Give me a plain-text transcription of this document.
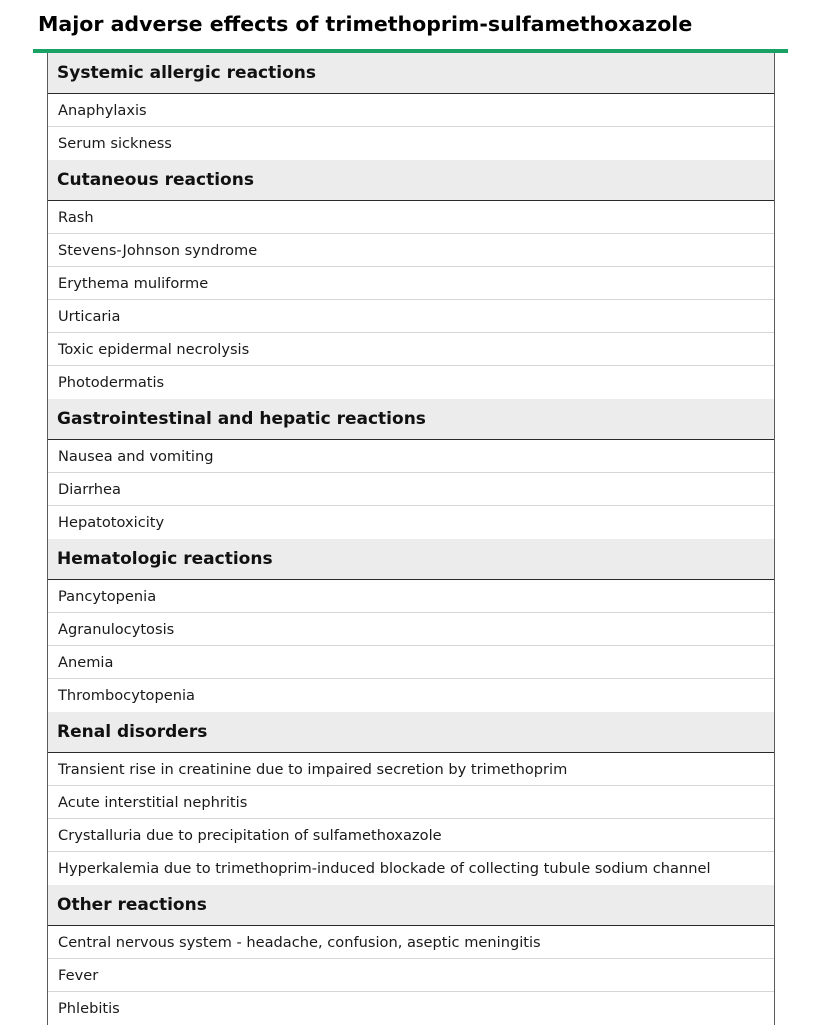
Major adverse effects of trimethoprim-sulfamethoxazole
Systemic allergic reactions
Anaphylaxis
Serum sickness
Cutaneous reactions
Rash
Stevens-Johnson syndrome
Erythema muliforme
Urticaria
Toxic epidermal necrolysis
Photodermatis
Gastrointestinal and hepatic reactions
Nausea and vomiting
Diarrhea
Hepatotoxicity
Hematologic reactions
Pancytopenia
Agranulocytosis
Anemia
Thrombocytopenia
Renal disorders
Transient rise in creatinine due to impaired secretion by trimethoprim
Acute interstitial nephritis
Crystalluria due to precipitation of sulfamethoxazole
Hyperkalemia due to trimethoprim-induced blockade of collecting tubule sodium channel
Other reactions
Central nervous system - headache, confusion, aseptic meningitis
Fever
Phlebitis
